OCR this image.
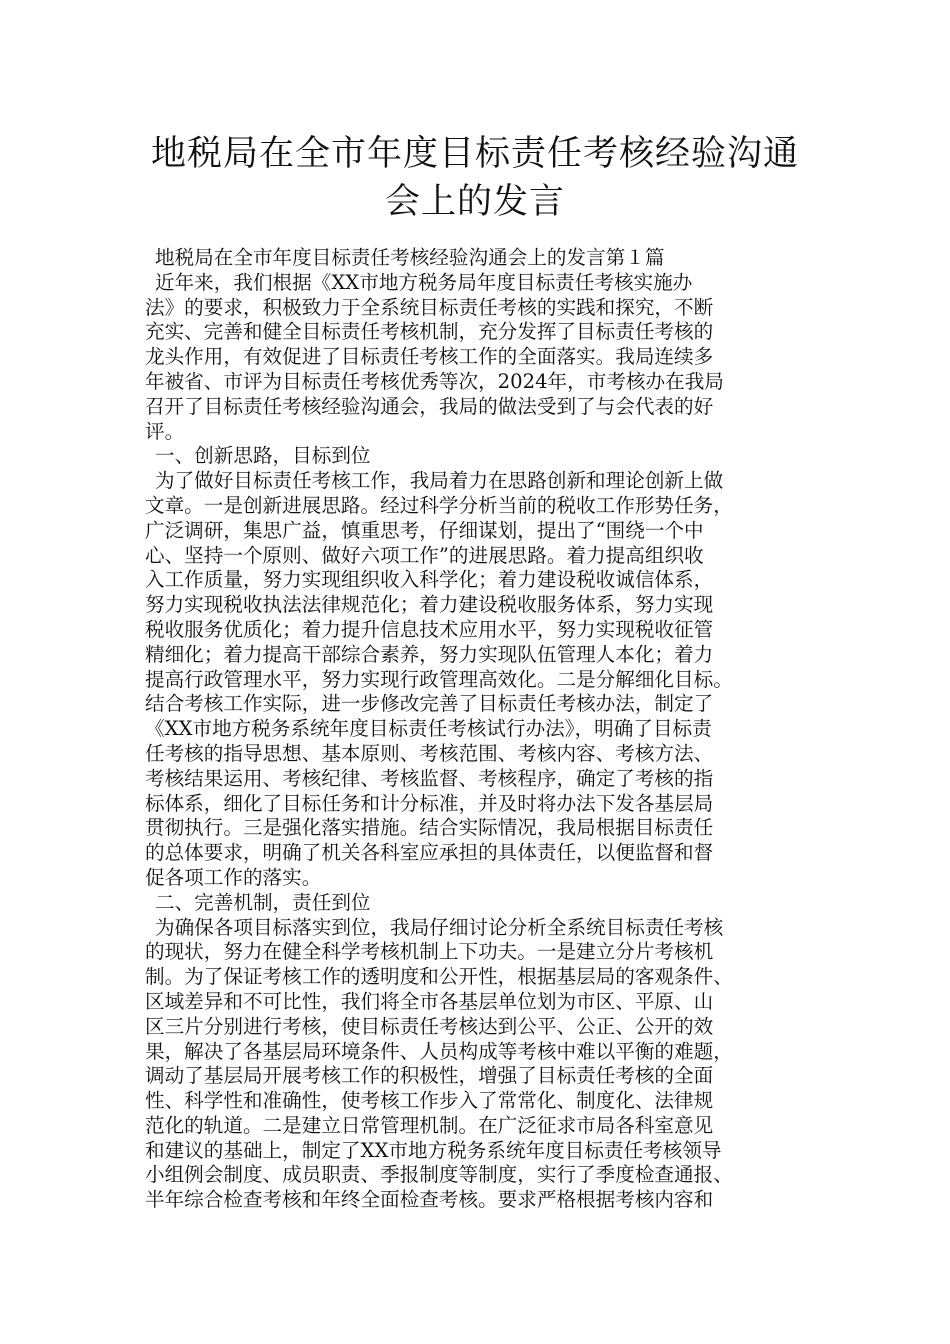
地税局在全市年度目标责任考核经验沟通
会上的发言
地税局在全市年度目标责任考核经验沟通会上的发言第１篇
近年来，我们根据《XX市地方税务局年度目标责任考核实施办
法》的要求，积极致力于全系统目标责任考核的实践和探究，不断
充实、完善和健全目标责任考核机制，充分发挥了目标责任考核的
龙头作用，有效促进了目标责任考核工作的全面落实。我局连续多
年被省、市评为目标责任考核优秀等次，2024年，市考核办在我局
召开了目标责任考核经验沟通会，我局的做法受到了与会代表的好
评。
一、创新思路，目标到位
为了做好目标责任考核工作，我局着力在思路创新和理论创新上做
文章。一是创新进展思路。经过科学分析当前的税收工作形势任务，
广泛调研，集思广益，慎重思考，仔细谋划，提出了“围绕一个中
心、坚持一个原则、做好六项工作”的进展思路。着力提高组织收
入工作质量，努力实现组织收入科学化；着力建设税收诚信体系，
努力实现税收执法法律规范化；着力建设税收服务体系，努力实现
税收服务优质化；着力提升信息技术应用水平，努力实现税收征管
精细化；着力提高干部综合素养，努力实现队伍管理人本化；着力
提高行政管理水平，努力实现行政管理高效化。二是分解细化目标。
结合考核工作实际，进一步修改完善了目标责任考核办法，制定了
《XX市地方税务系统年度目标责任考核试行办法》，明确了目标责
任考核的指导思想、基本原则、考核范围、考核内容、考核方法、
考核结果运用、考核纪律、考核监督、考核程序，确定了考核的指
标体系，细化了目标任务和计分标准，并及时将办法下发各基层局
贯彻执行。三是强化落实措施。结合实际情况，我局根据目标责任
的总体要求，明确了机关各科室应承担的具体责任，以便监督和督
促各项工作的落实。
二、完善机制，责任到位
为确保各项目标落实到位，我局仔细讨论分析全系统目标责任考核
的现状，努力在健全科学考核机制上下功夫。一是建立分片考核机
制。为了保证考核工作的透明度和公开性，根据基层局的客观条件、
区域差异和不可比性，我们将全市各基层单位划为市区、平原、山
区三片分别进行考核，使目标责任考核达到公平、公正、公开的效
果，解决了各基层局环境条件、人员构成等考核中难以平衡的难题，
调动了基层局开展考核工作的积极性，增强了目标责任考核的全面
性、科学性和准确性，使考核工作步入了常常化、制度化、法律规
范化的轨道。二是建立日常管理机制。在广泛征求市局各科室意见
和建议的基础上，制定了XX市地方税务系统年度目标责任考核领导
小组例会制度、成员职责、季报制度等制度，实行了季度检查通报、
半年综合检查考核和年终全面检查考核。要求严格根据考核内容和
